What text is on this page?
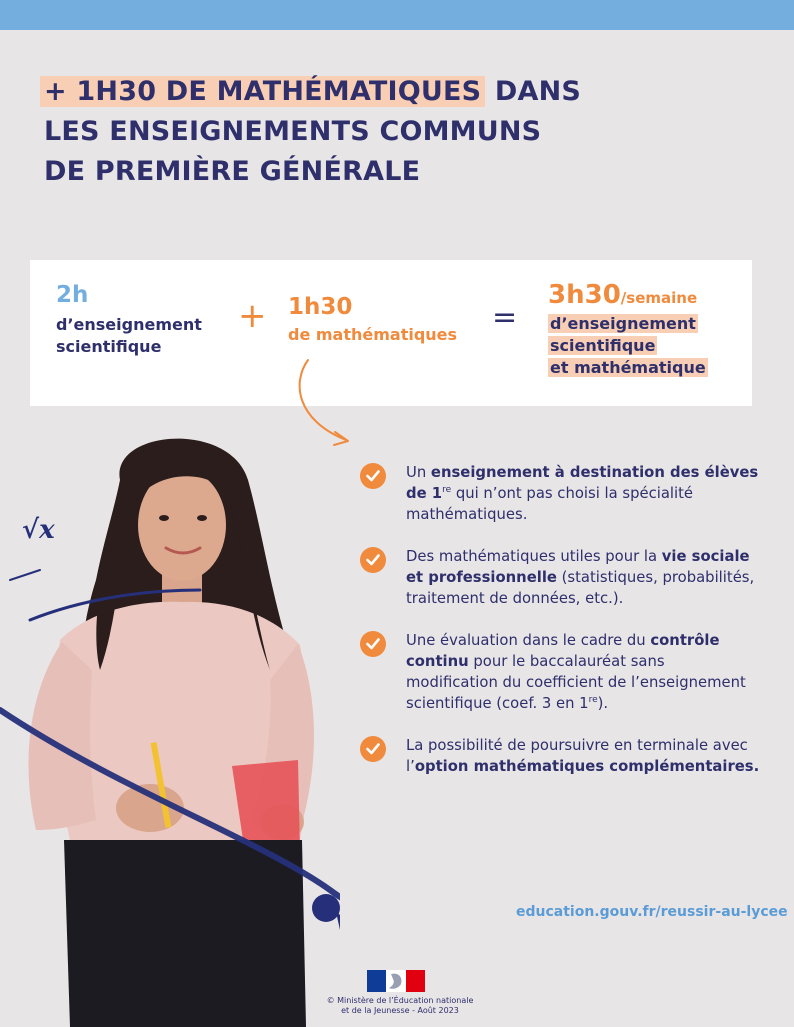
+ 1H30 DE MATHÉMATIQUES DANS
LES ENSEIGNEMENTS COMMUNS
DE PREMIÈRE GÉNÉRALE
2h
d’enseignement
scientifique
+ 1h30
de mathématiques =
3h30/semaine
d’enseignement
scientifique
et mathématique
Un enseignement à destination des élèves de 1re qui n’ont pas choisi la spécialité mathématiques.
Des mathématiques utiles pour la vie sociale et professionnelle (statistiques, probabilités, traitement de données, etc.).
Une évaluation dans le cadre du contrôle continu pour le baccalauréat sans modification du coefficient de l’enseignement scientifique (coef. 3 en 1re).
La possibilité de poursuivre en terminale avec l’option mathématiques complémentaires.
√x
education.gouv.fr/reussir-au-lycee
© Ministère de l’Éducation nationale
et de la Jeunesse - Août 2023
